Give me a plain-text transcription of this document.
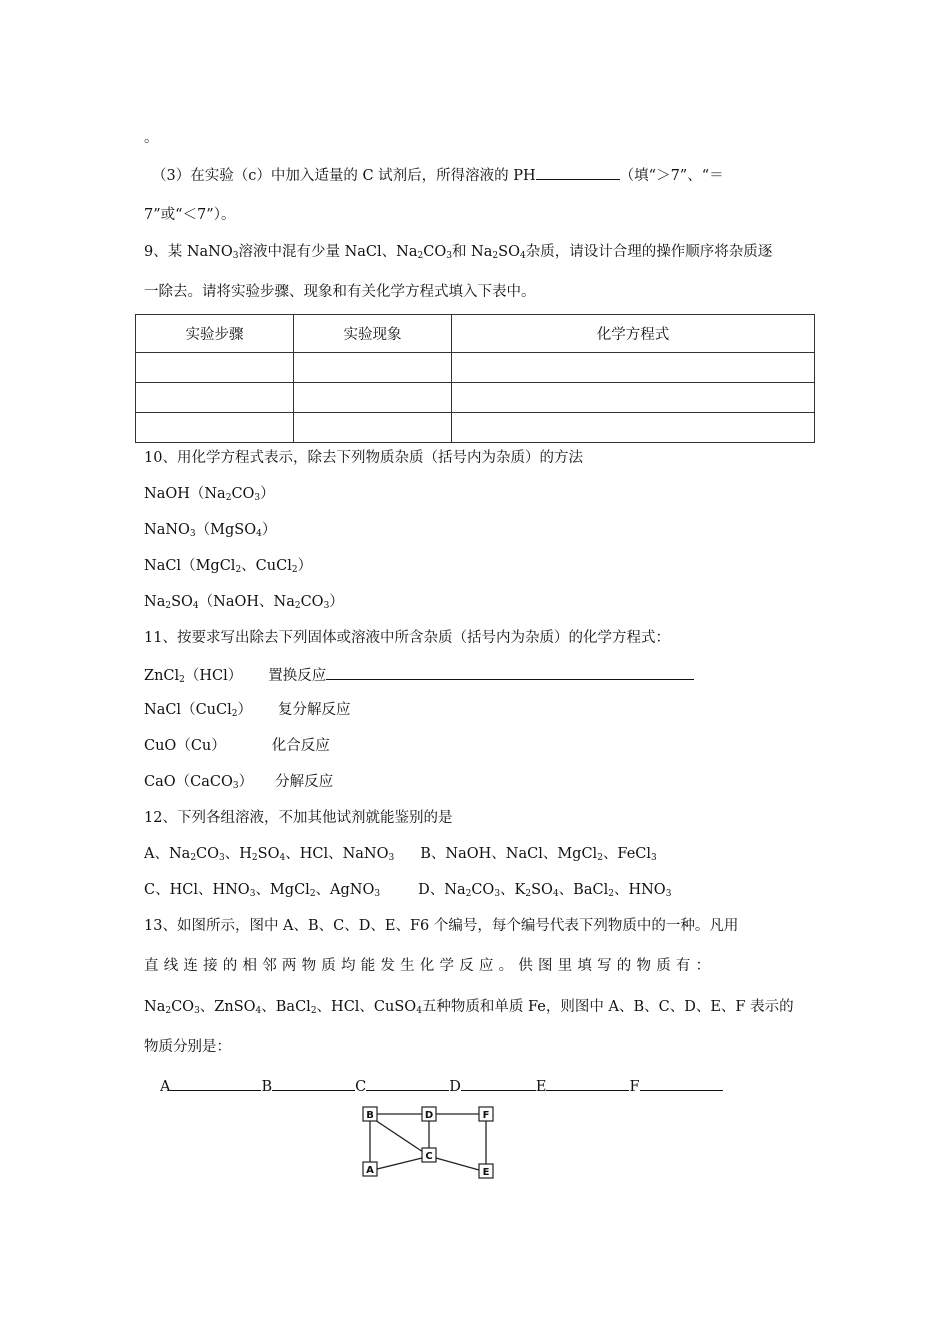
。
（3）在实验（c）中加入适量的 C 试剂后，所得溶液的 PH	（填“＞7”、“＝
7”或“＜7”）。
9、某 NaNO$_3$溶液中混有少量 NaCl、$Na_2CO_3$和 $Na_2SO_4$杂质，请设计合理的操作顺序将杂质逐
一除去。请将实验步骤、现象和有关化学方程式填入下表中。
实验步骤	实验现象	化学方程式

10、用化学方程式表示，除去下列物质杂质（括号内为杂质）的方法
$NaOH(Na_2CO_3)$
NaNO$_3$（MgSO$_4$）
NaCl（MgCl$_2$、CuCl$_2$）
$Na_2SO_4(NaOH$、$Na_2CO_3$）
11、按要求写出除去下列固体或溶液中所含杂质（括号内为杂质）的化学方程式：
ZnCl$_2$（HCl） 置换反应
NaCl（CuCl$_2$） 复分解反应
CuO（Cu）	化合反应
CaO（CaCO$_3$） 分解反应
12、下列各组溶液，不加其他试剂就能鉴别的是
A、$Na_2CO_3$、$H_2SO_4$、HCl、NaNO$_3$ B、NaOH、NaCl、MgCl$_2$、FeCl$_3$
C、HCl、$HNO_3$、MgCl$_2$、AgNO$_3$	D、$Na_2CO_3$、$K_2SO_4$、BaCl$_2$、$HNO_3$
13、如图所示，图中 A、B、C、D、E、F6 个编号，每个编号代表下列物质中的一种。凡用
直线连接的相邻两物质均能发生化学反应。供图里填写的物质有：
$Na_2CO_3$、ZnSO$_4$、BaCl$_2$、HCl、CuSO$_4$五种物质和单质 Fe，则图中 A、B、C、D、E、F 表示的
物质分别是：
A	B	C	D	E	F
B	D	F
C
A	E
